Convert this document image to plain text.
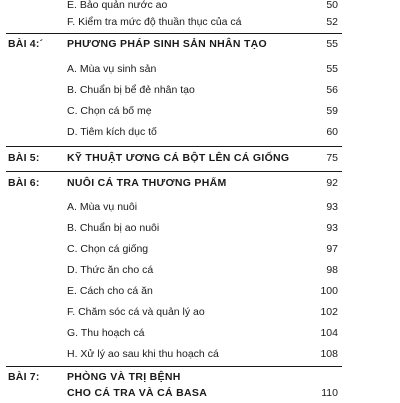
E. Bảo quản nước ao	50
F. Kiểm tra mức độ thuần thục của cá	52
BÀI 4:´ PHƯƠNG PHÁP SINH SẢN NHÂN TẠO	55
A. Mùa vụ sinh sản	55
B. Chuẩn bị bể đẻ nhân tạo	56
C. Chọn cá bố mẹ	59
D. Tiêm kích dục tố	60
BÀI 5:	KỸ THUẬT ƯƠNG CÁ BỘT LÊN CÁ GIỐNG	75
BÀI 6:	NUÔI CÁ TRA THƯƠNG PHẨM	92
A. Mùa vụ nuôi	93
B. Chuẩn bị ao nuôi	93
C. Chọn cá giống	97
D. Thức ăn cho cá	98
E. Cách cho cá ăn	100
F. Chăm sóc cá và quản lý ao	102
G. Thu hoạch cá	104
H. Xử lý ao sau khi thu hoạch cá	108
BÀI 7:	PHÒNG VÀ TRỊ BỆNH
CHO CÁ TRA VÀ CÁ BASA	110
